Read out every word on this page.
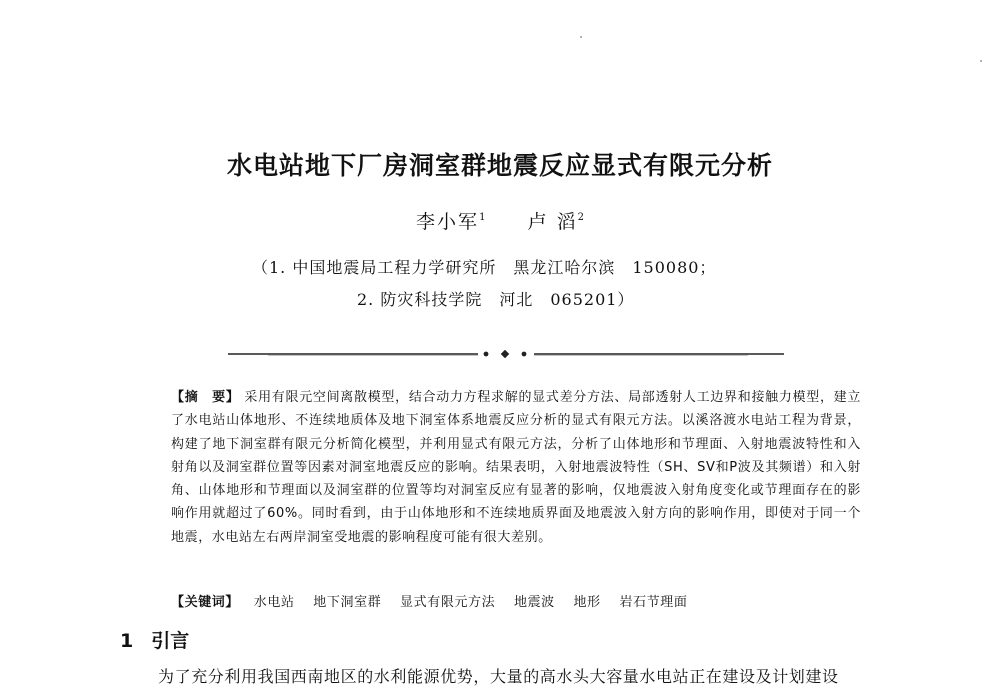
水电站地下厂房洞室群地震反应显式有限元分析
李小军$^1$ 卢 滔$^2$
（1. 中国地震局工程力学研究所　黑龙江哈尔滨　150080；
2. 防灾科技学院　河北　065201）
【摘　要】 采用有限元空间离散模型，结合动力方程求解的显式差分方法、局部透射人工边界和接触力模型，建立了水电站山体地形、不连续地质体及地下洞室体系地震反应分析的显式有限元方法。以溪洛渡水电站工程为背景，构建了地下洞室群有限元分析简化模型，并利用显式有限元方法，分析了山体地形和节理面、入射地震波特性和入射角以及洞室群位置等因素对洞室地震反应的影响。结果表明，入射地震波特性（SH、SV和P波及其频谱）和入射角、山体地形和节理面以及洞室群的位置等均对洞室反应有显著的影响，仅地震波入射角度变化或节理面存在的影响作用就超过了60%。同时看到，由于山体地形和不连续地质界面及地震波入射方向的影响作用，即使对于同一个地震，水电站左右两岸洞室受地震的影响程度可能有很大差别。
【关键词】 水电站 地下洞室群 显式有限元方法 地震波 地形 岩石节理面
1 引言
为了充分利用我国西南地区的水利能源优势，大量的高水头大容量水电站正在建设及计划建设
